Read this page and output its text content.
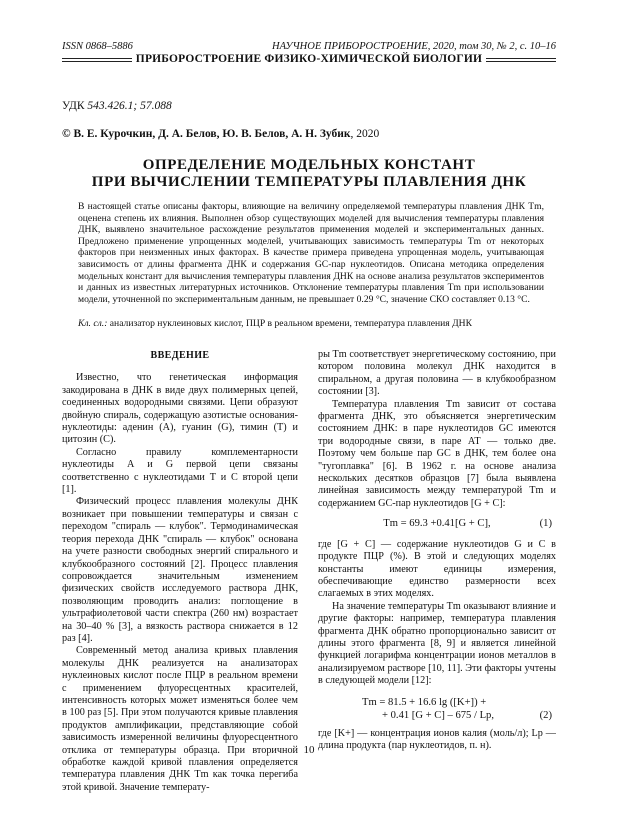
ISSN 0868–5886	НАУЧНОЕ ПРИБОРОСТРОЕНИЕ, 2020, том 30, № 2, с. 10–16
ПРИБОРОСТРОЕНИЕ ФИЗИКО-ХИМИЧЕСКОЙ БИОЛОГИИ
УДК 543.426.1; 57.088
© В. Е. Курочкин, Д. А. Белов, Ю. В. Белов, А. Н. Зубик, 2020
ОПРЕДЕЛЕНИЕ МОДЕЛЬНЫХ КОНСТАНТ
ПРИ ВЫЧИСЛЕНИИ ТЕМПЕРАТУРЫ ПЛАВЛЕНИЯ ДНК
В настоящей статье описаны факторы, влияющие на величину определяемой температуры плавления ДНК Tm, оценена степень их влияния. Выполнен обзор существующих моделей для вычисления температуры плавления ДНК, выявлено значительное расхождение результатов применения моделей и экспериментальных данных. Предложено применение упрощенных моделей, учитывающих зависимость температуры Tm от некоторых факторов при неизменных иных факторах. В качестве примера приведена упрощенная модель, учитывающая зависимость от длины фрагмента ДНК и содержания GC-пар нуклеотидов. Описана методика определения модельных констант для вычисления температуры плавления ДНК на основе анализа результатов экспериментов и данных из известных литературных источников. Отклонение температуры плавления Tm при использовании модели, уточненной по экспериментальным данным, не превышает 0.29 °С, значение СКО составляет 0.13 °С.
Кл. сл.: анализатор нуклеиновых кислот, ПЦР в реальном времени, температура плавления ДНК
ВВЕДЕНИЕ

Известно, что генетическая информация закодирована в ДНК в виде двух полимерных цепей, соединенных водородными связями. Цепи образуют двойную спираль, содержащую азотистые основания-нуклеотиды: аденин (А), гуанин (G), тимин (T) и цитозин (С).

Согласно правилу комплементарности нуклеотиды А и G первой цепи связаны соответственно с нуклеотидами Т и С второй цепи [1].

Физический процесс плавления молекулы ДНК возникает при повышении температуры и связан с переходом "спираль — клубок". Термодинамическая теория перехода ДНК "спираль — клубок" основана на учете разности свободных энергий спирального и клубкообразного состояний [2]. Процесс плавления сопровождается значительным изменением физических свойств исследуемого раствора ДНК, позволяющим проводить анализ: поглощение в ультрафиолетовой части спектра (260 нм) возрастает на 30–40 % [3], а вязкость раствора снижается в 12 раз [4].

Современный метод анализа кривых плавления молекулы ДНК реализуется на анализаторах нуклеиновых кислот после ПЦР в реальном времени с применением флуоресцентных красителей, интенсивность которых может изменяться более чем в 100 раз [5]. При этом получаются кривые плавления продуктов амплификации, представляющие собой зависимость измеренной величины флуоресцентного отклика от температуры образца. При вторичной обработке каждой кривой плавления определяется температура плавления ДНК Tm как точка перегиба этой кривой. Значение температу-

ры Tm соответствует энергетическому состоянию, при котором половина молекул ДНК находится в спиральном, а другая половина — в клубкообразном состоянии [3].

Температура плавления Tm зависит от состава фрагмента ДНК, это объясняется энергетическим состоянием ДНК: в паре нуклеотидов GC имеются три водородные связи, в паре АТ — только две. Поэтому чем больше пар GC в ДНК, тем более она "тугоплавка" [6]. В 1962 г. на основе анализа нескольких десятков образцов [7] была выявлена линейная зависимость между температурой Tm и содержанием GC-пар нуклеотидов [G + C]:

Tm = 69.3 +0.41[G + C],	(1)

где [G + C] — содержание нуклеотидов G и С в продукте ПЦР (%). В этой и следующих моделях константы имеют единицы измерения, обеспечивающие единство размерности всех слагаемых в этих моделях.

На значение температуры Tm оказывают влияние и другие факторы: например, температура плавления фрагмента ДНК обратно пропорционально зависит от длины этого фрагмента [8, 9] и является линейной функцией логарифма концентрации ионов металлов в анализируемом растворе [10, 11]. Эти факторы учтены в следующей модели [12]:

Tm = 81.5 + 16.6 lg ([K+]) +
+ 0.41 [G + C] – 675 / Lp,	(2)

где [K+] — концентрация ионов калия (моль/л); Lp — длина продукта (пар нуклеотидов, п. н).

10
